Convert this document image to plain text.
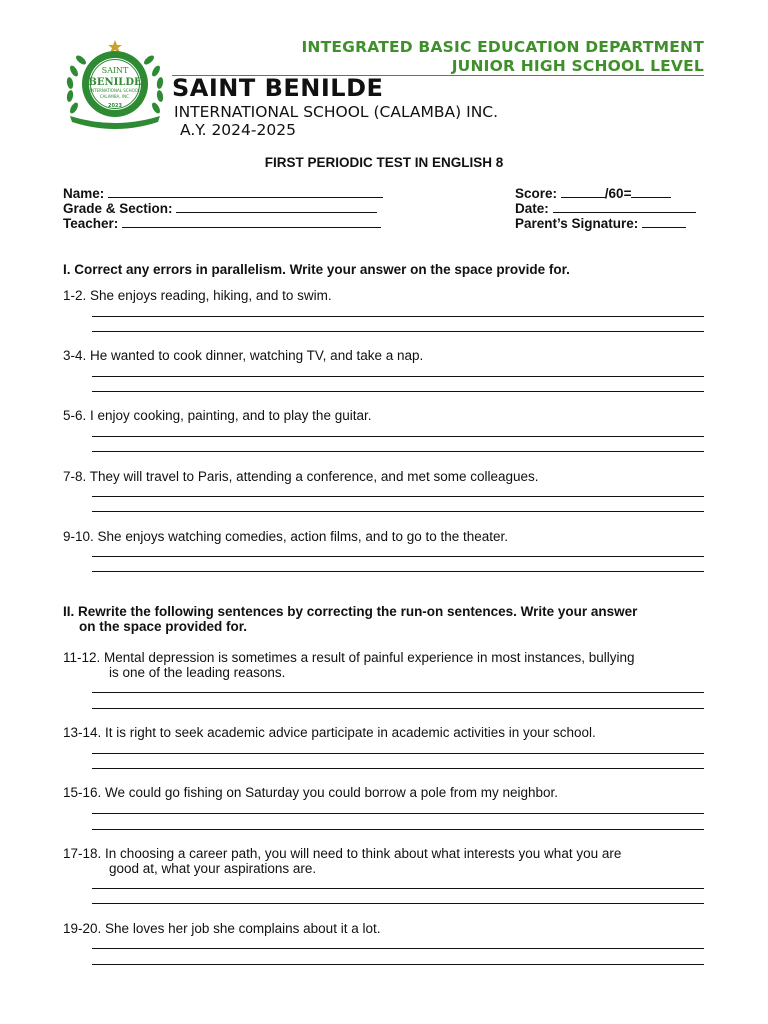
SAINT
BENILDE
INTERNATIONAL SCHOOL
CALAMBA, INC.
2023
INTEGRATED BASIC EDUCATION DEPARTMENT
JUNIOR HIGH SCHOOL LEVEL
SAINT BENILDE
INTERNATIONAL SCHOOL (CALAMBA) INC.
A.Y. 2024-2025
FIRST PERIODIC TEST IN ENGLISH 8
Name:
Grade & Section:
Teacher:
Score:	/60=
Date:
Parent’s Signature:
I. Correct any errors in parallelism. Write your answer on the space provide for.
1-2. She enjoys reading, hiking, and to swim.
3-4. He wanted to cook dinner, watching TV, and take a nap.
5-6. I enjoy cooking, painting, and to play the guitar.
7-8. They will travel to Paris, attending a conference, and met some colleagues.
9-10. She enjoys watching comedies, action films, and to go to the theater.
II. Rewrite the following sentences by correcting the run-on sentences. Write your answer
on the space provided for.
11-12. Mental depression is sometimes a result of painful experience in most instances, bullying
is one of the leading reasons.
13-14. It is right to seek academic advice participate in academic activities in your school.
15-16. We could go fishing on Saturday you could borrow a pole from my neighbor.
17-18. In choosing a career path, you will need to think about what interests you what you are
good at, what your aspirations are.
19-20. She loves her job she complains about it a lot.
